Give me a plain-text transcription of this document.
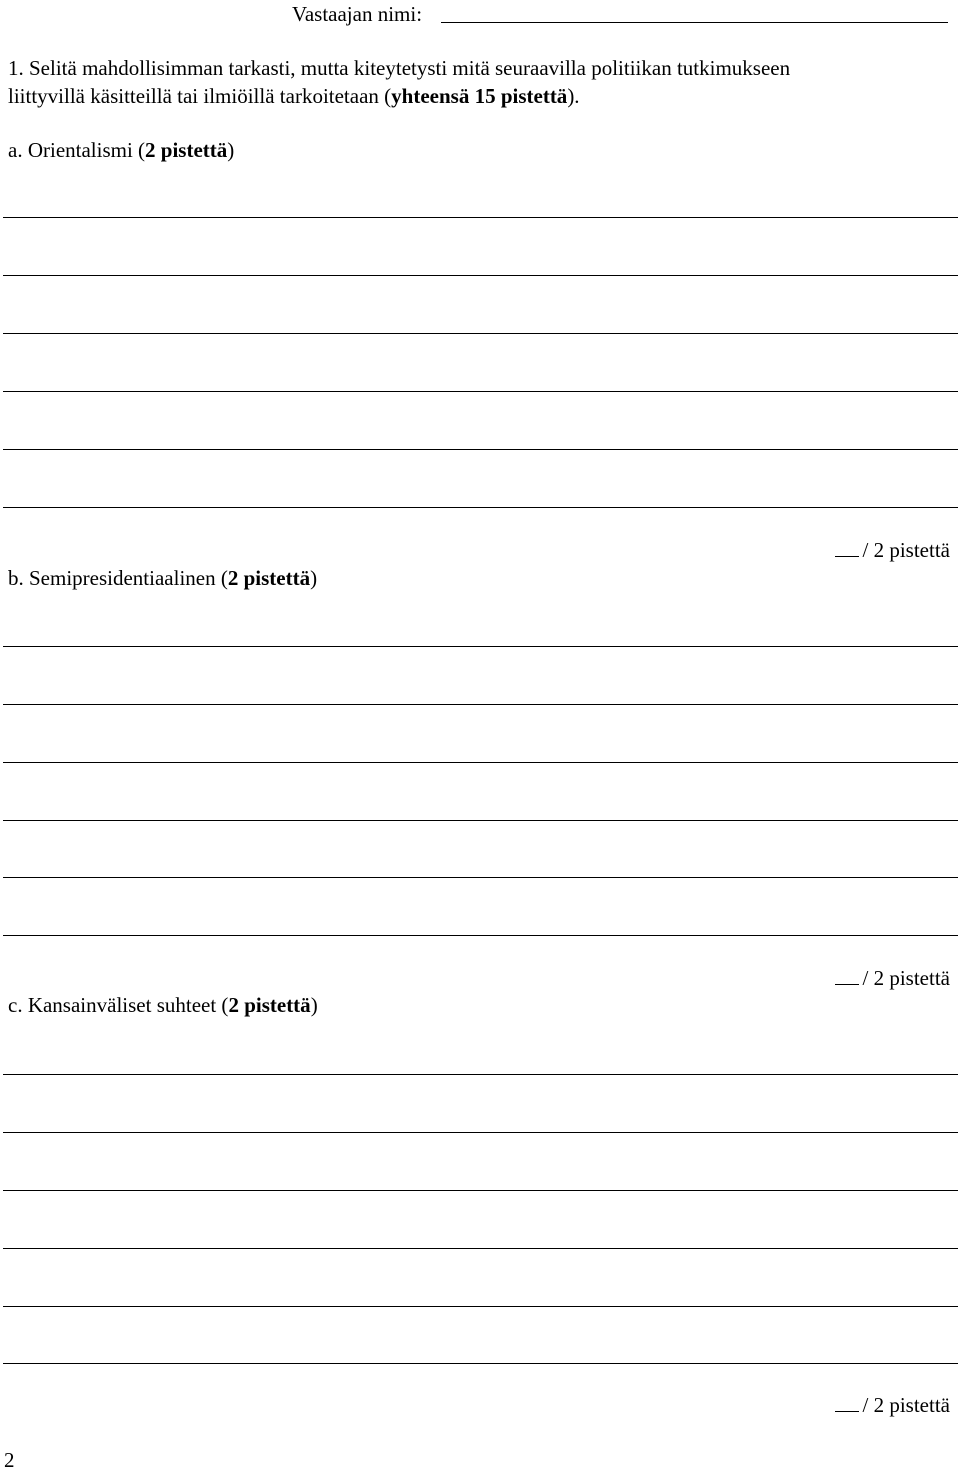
Vastaajan nimi:
1. Selitä mahdollisimman tarkasti, mutta kiteytetysti mitä seuraavilla politiikan tutkimukseen
liittyvillä käsitteillä tai ilmiöillä tarkoitetaan (yhteensä 15 pistettä).
a. Orientalismi (2 pistettä)
/ 2 pistettä
b. Semipresidentiaalinen (2 pistettä)
/ 2 pistettä
c. Kansainväliset suhteet (2 pistettä)
/ 2 pistettä
2
